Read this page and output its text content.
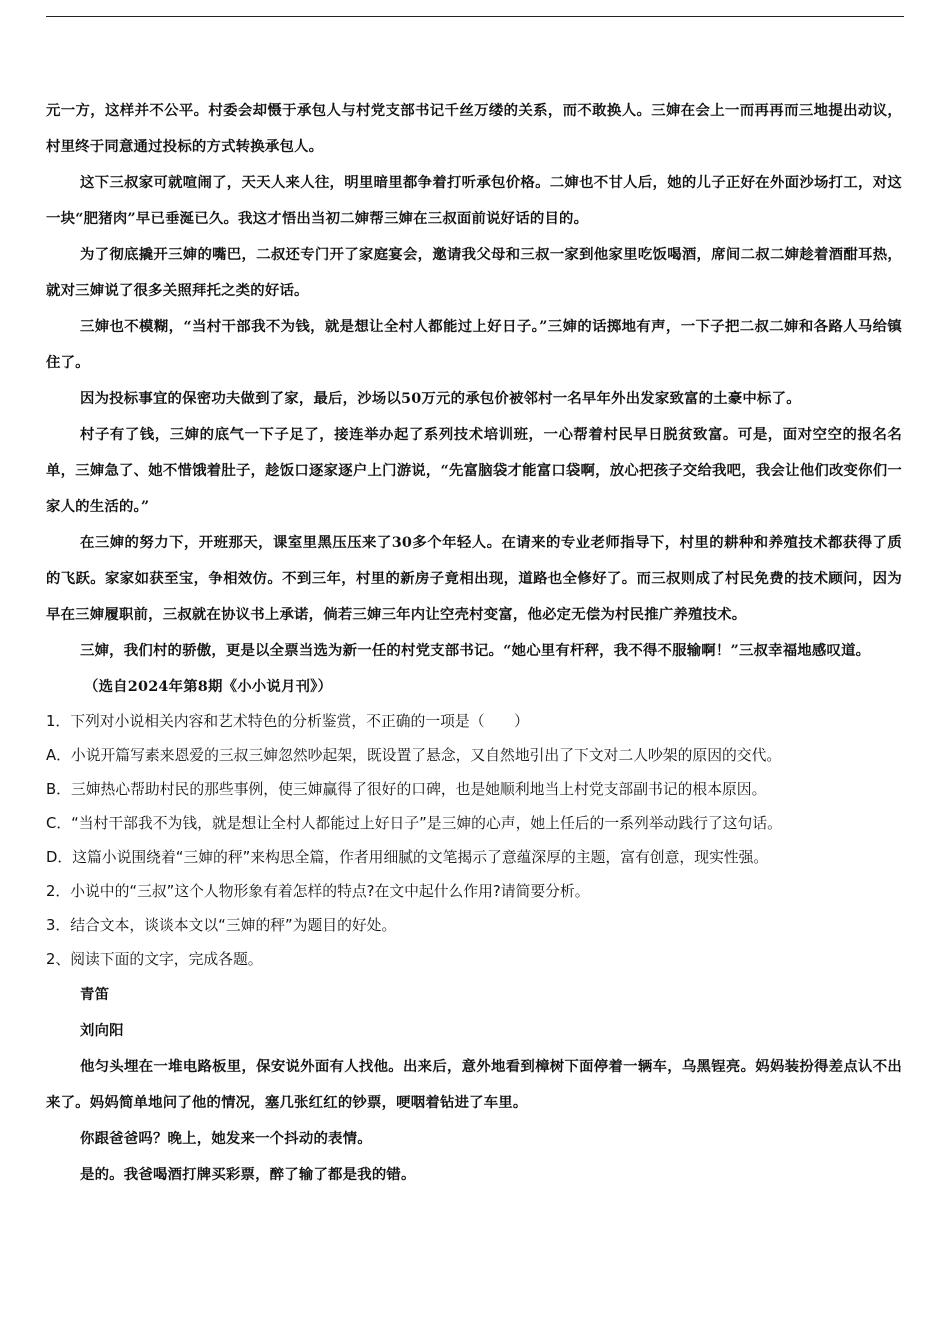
元一方，这样并不公平。村委会却慑于承包人与村党支部书记千丝万缕的关系，而不敢换人。三婶在会上一而再再而三地提出动议，村里终于同意通过投标的方式转换承包人。

这下三叔家可就喧闹了，天天人来人往，明里暗里都争着打听承包价格。二婶也不甘人后，她的儿子正好在外面沙场打工，对这一块“肥猪肉”早已垂涎已久。我这才悟出当初二婶帮三婶在三叔面前说好话的目的。

为了彻底撬开三婶的嘴巴，二叔还专门开了家庭宴会，邀请我父母和三叔一家到他家里吃饭喝酒，席间二叔二婶趁着酒酣耳热，就对三婶说了很多关照拜托之类的好话。

三婶也不模糊，“当村干部我不为钱，就是想让全村人都能过上好日子。”三婶的话掷地有声，一下子把二叔二婶和各路人马给镇住了。

因为投标事宜的保密功夫做到了家，最后，沙场以50万元的承包价被邻村一名早年外出发家致富的土豪中标了。

村子有了钱，三婶的底气一下子足了，接连举办起了系列技术培训班，一心帮着村民早日脱贫致富。可是，面对空空的报名名单，三婶急了、她不惜饿着肚子，趁饭口逐家逐户上门游说，“先富脑袋才能富口袋啊，放心把孩子交给我吧，我会让他们改变你们一家人的生活的。”

在三婶的努力下，开班那天，课室里黑压压来了30多个年轻人。在请来的专业老师指导下，村里的耕种和养殖技术都获得了质的飞跃。家家如获至宝，争相效仿。不到三年，村里的新房子竟相出现，道路也全修好了。而三叔则成了村民免费的技术顾问，因为早在三婶履职前，三叔就在协议书上承诺，倘若三婶三年内让空壳村变富，他必定无偿为村民推广养殖技术。

三婶，我们村的骄傲，更是以全票当选为新一任的村党支部书记。“她心里有杆秤，我不得不服输啊！”三叔幸福地感叹道。

（选自2024年第8期《小小说月刊》）

1．下列对小说相关内容和艺术特色的分析鉴赏，不正确的一项是（　　）

A．小说开篇写素来恩爱的三叔三婶忽然吵起架，既设置了悬念，又自然地引出了下文对二人吵架的原因的交代。

B．三婶热心帮助村民的那些事例，使三婶赢得了很好的口碑，也是她顺利地当上村党支部副书记的根本原因。

C．“当村干部我不为钱，就是想让全村人都能过上好日子”是三婶的心声，她上任后的一系列举动践行了这句话。

D．这篇小说围绕着“三婶的秤”来构思全篇，作者用细腻的文笔揭示了意蕴深厚的主题，富有创意，现实性强。

2．小说中的“三叔”这个人物形象有着怎样的特点?在文中起什么作用?请简要分析。

3．结合文本，谈谈本文以“三婶的秤”为题目的好处。

2、阅读下面的文字，完成各题。

青笛

刘向阳

他匀头埋在一堆电路板里，保安说外面有人找他。出来后，意外地看到樟树下面停着一辆车，乌黑锃亮。妈妈装扮得差点认不出来了。妈妈简单地问了他的情况，塞几张红红的钞票，哽咽着钻进了车里。

你跟爸爸吗？晚上，她发来一个抖动的表情。

是的。我爸喝酒打牌买彩票，醉了输了都是我的错。
